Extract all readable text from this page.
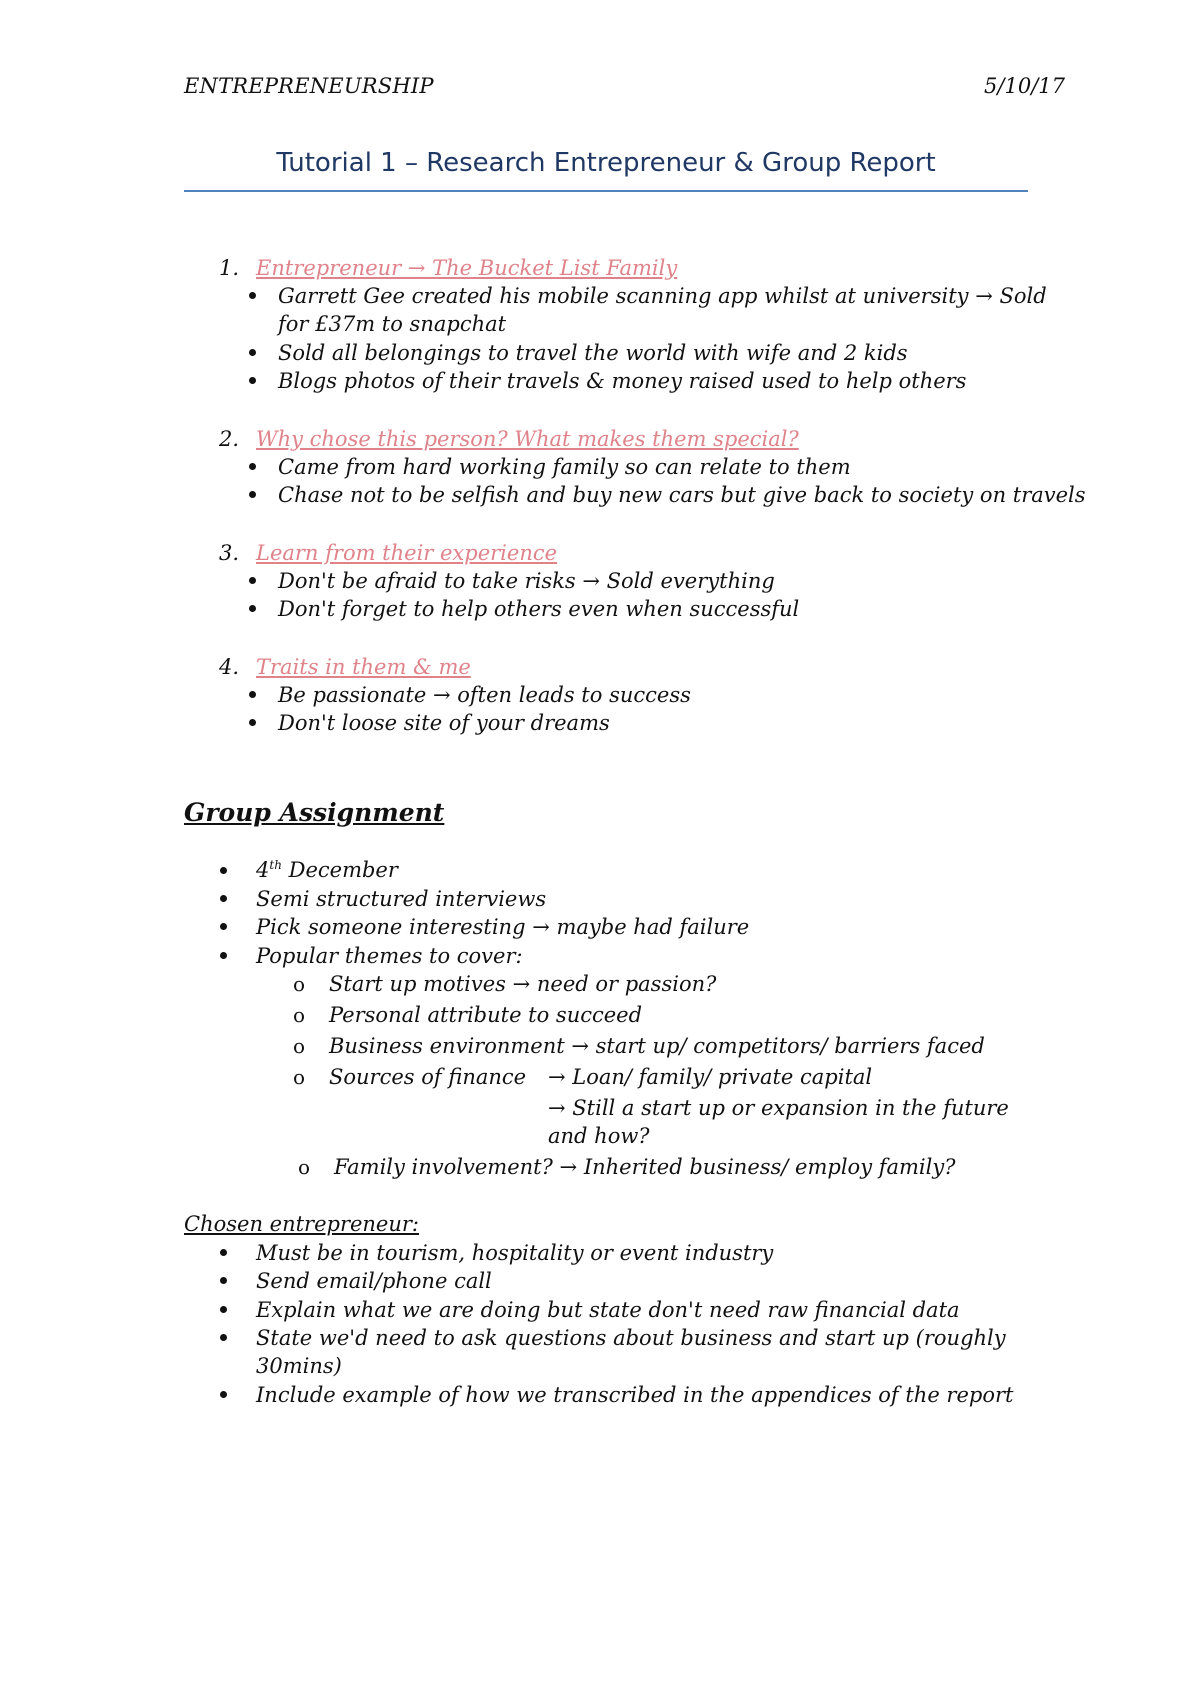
ENTREPRENEURSHIP	5/10/17
Tutorial 1 – Research Entrepreneur & Group Report
1. Entrepreneur → The Bucket List Family
Garrett Gee created his mobile scanning app whilst at university → Sold
for £37m to snapchat
Sold all belongings to travel the world with wife and 2 kids
Blogs photos of their travels & money raised used to help others
2. Why chose this person? What makes them special?
Came from hard working family so can relate to them
Chase not to be selfish and buy new cars but give back to society on travels
3. Learn from their experience
Don't be afraid to take risks → Sold everything
Don't forget to help others even when successful
4. Traits in them & me
Be passionate → often leads to success
Don't loose site of your dreams
Group Assignment
4th December
Semi structured interviews
Pick someone interesting → maybe had failure
Popular themes to cover:
o Start up motives → need or passion?
o Personal attribute to succeed
o Business environment → start up/ competitors/ barriers faced
o Sources of finance → Loan/ family/ private capital
→ Still a start up or expansion in the future
and how?
o Family involvement? → Inherited business/ employ family?
Chosen entrepreneur:
Must be in tourism, hospitality or event industry
Send email/phone call
Explain what we are doing but state don't need raw financial data
State we'd need to ask questions about business and start up (roughly
30mins)
Include example of how we transcribed in the appendices of the report
